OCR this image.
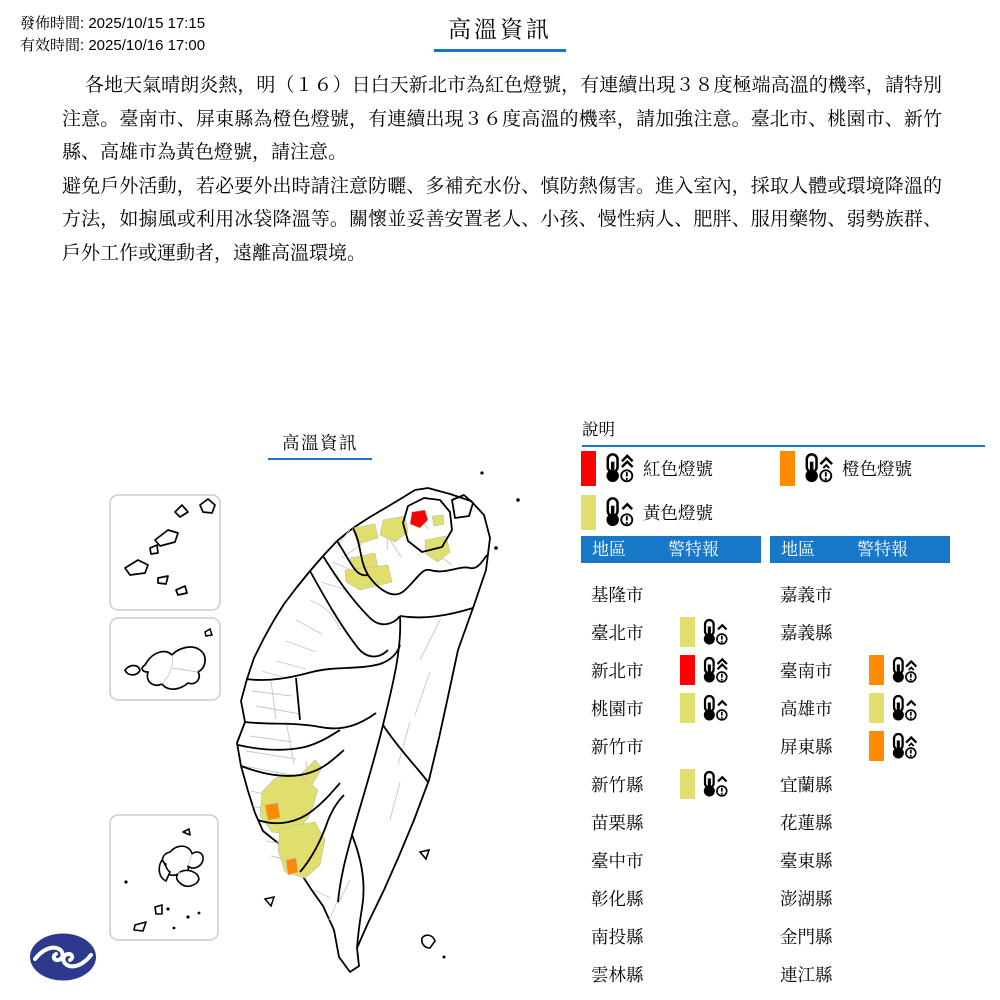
發佈時間: 2025/10/15 17:15
有效時間: 2025/10/16 17:00
高溫資訊

各地天氣晴朗炎熱，明（１６）日白天新北市為紅色燈號，有連續出現３８度極端高溫的機率，請特別注意。臺南市、屏東縣為橙色燈號，有連續出現３６度高溫的機率，請加強注意。臺北市、桃園市、新竹縣、高雄市為黃色燈號，請注意。

避免戶外活動，若必要外出時請注意防曬、多補充水份、慎防熱傷害。進入室內，採取人體或環境降溫的方法，如搧風或利用冰袋降溫等。關懷並妥善安置老人、小孩、慢性病人、肥胖、服用藥物、弱勢族群、戶外工作或運動者，遠離高溫環境。

高溫資訊
說明
紅色燈號	橙色燈號
黃色燈號
地區 警特報	地區 警特報
基隆市
臺北市
新北市
桃園市
新竹市
新竹縣
苗栗縣
臺中市
彰化縣
南投縣
雲林縣
嘉義市
嘉義縣
臺南市
高雄市
屏東縣
宜蘭縣
花蓮縣
臺東縣
澎湖縣
金門縣
連江縣
